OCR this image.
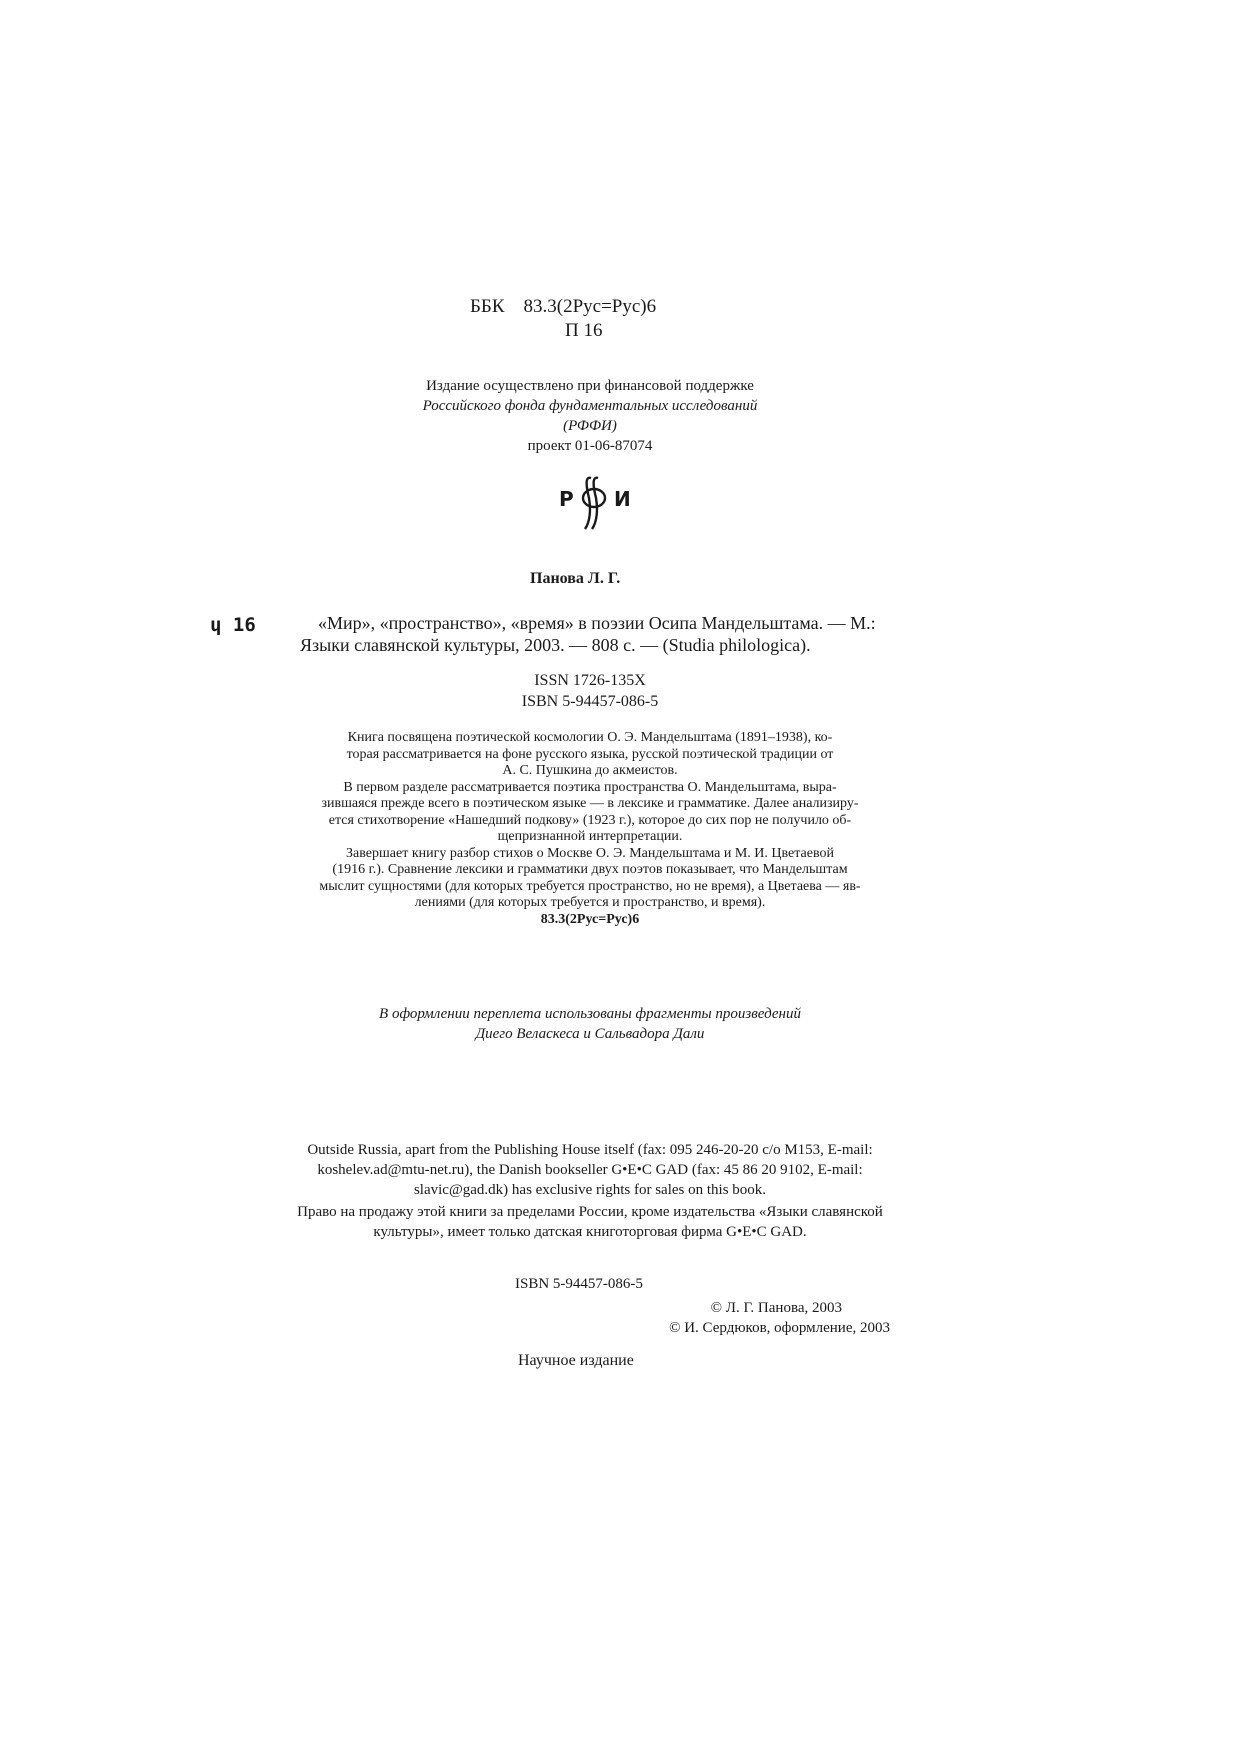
ББК 83.3(2Рус=Рус)6
П 16
Издание осуществлено при финансовой поддержке
Российского фонда фундаментальных исследований
(РФФИ)
проект 01-06-87074
Р И
Панова Л. Г.
ɥ 16	«Мир», «пространство», «время» в поэзии Осипа Мандельштама. — М.:
Языки славянской культуры, 2003. — 808 с. — (Studia philologica).
ISSN 1726-135X
ISBN 5-94457-086-5
Книга посвящена поэтической космологии О. Э. Мандельштама (1891–1938), ко-
торая рассматривается на фоне русского языка, русской поэтической традиции от
А. С. Пушкина до акмеистов.
В первом разделе рассматривается поэтика пространства О. Мандельштама, выра-
зившаяся прежде всего в поэтическом языке — в лексике и грамматике. Далее анализиру-
ется стихотворение «Нашедший подкову» (1923 г.), которое до сих пор не получило об-
щепризнанной интерпретации.
Завершает книгу разбор стихов о Москве О. Э. Мандельштама и М. И. Цветаевой
(1916 г.). Сравнение лексики и грамматики двух поэтов показывает, что Мандельштам
мыслит сущностями (для которых требуется пространство, но не время), а Цветаева — яв-
лениями (для которых требуется и пространство, и время).
83.3(2Рус=Рус)6
В оформлении переплета использованы фрагменты произведений
Диего Веласкеса и Сальвадора Дали
Outside Russia, apart from the Publishing House itself (fax: 095 246-20-20 c/o M153, E-mail:
koshelev.ad@mtu-net.ru), the Danish bookseller G•E•C GAD (fax: 45 86 20 9102, E-mail:
slavic@gad.dk) has exclusive rights for sales on this book.
Право на продажу этой книги за пределами России, кроме издательства «Языки славянской
культуры», имеет только датская книготорговая фирма G•E•C GAD.
ISBN 5-94457-086-5
© Л. Г. Панова, 2003
© И. Сердюков, оформление, 2003
Научное издание
